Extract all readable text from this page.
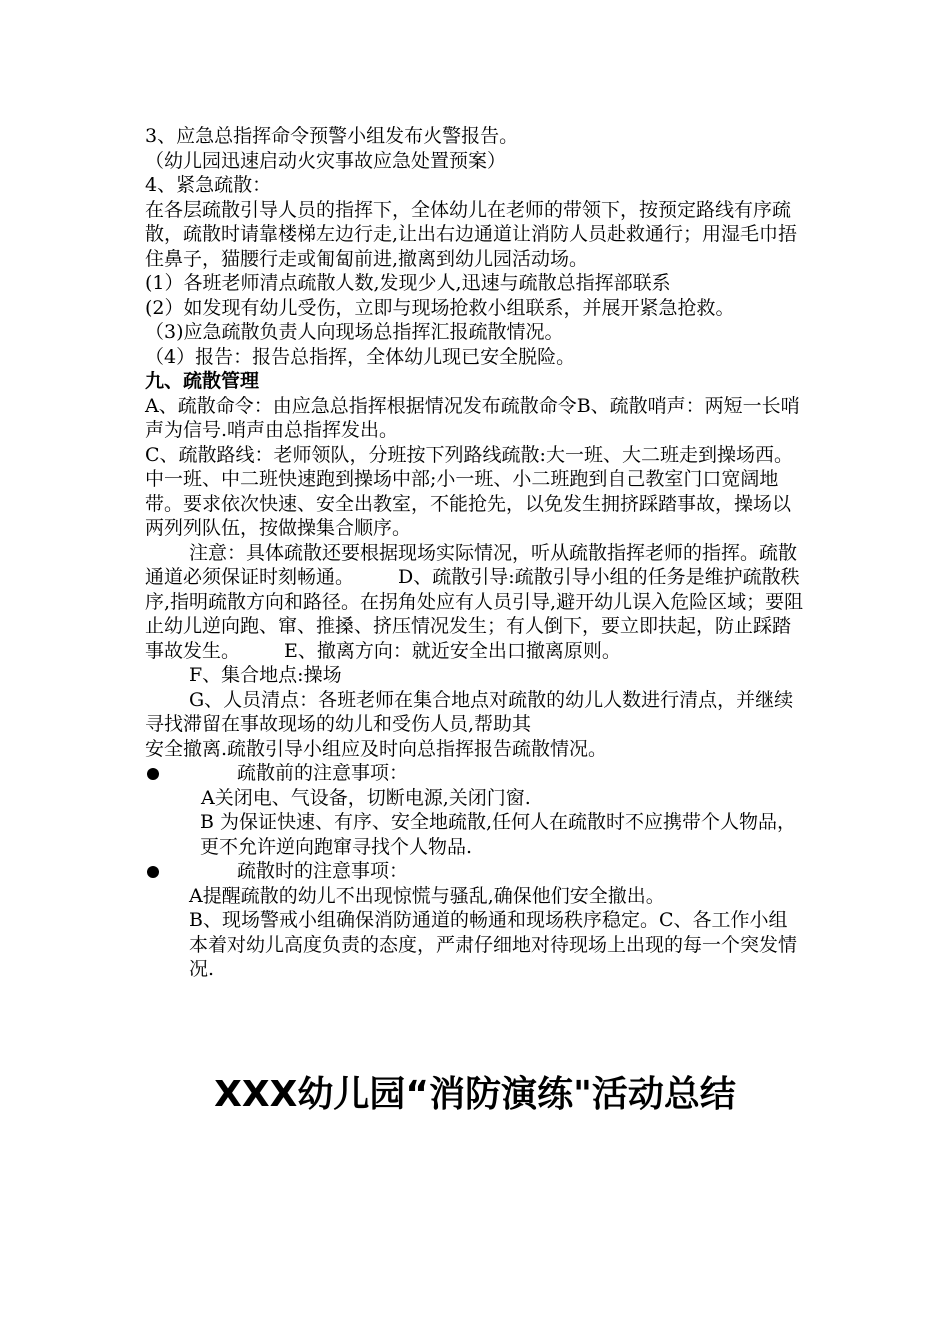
3、应急总指挥命令预警小组发布火警报告。

（幼儿园迅速启动火灾事故应急处置预案）

4、紧急疏散：

在各层疏散引导人员的指挥下，全体幼儿在老师的带领下，按预定路线有序疏散，疏散时请靠楼梯左边行走,让出右边通道让消防人员赴救通行；用湿毛巾捂住鼻子，猫腰行走或匍匐前进,撤离到幼儿园活动场。

(1）各班老师清点疏散人数,发现少人,迅速与疏散总指挥部联系

(2）如发现有幼儿受伤，立即与现场抢救小组联系，并展开紧急抢救。

（3)应急疏散负责人向现场总指挥汇报疏散情况。

（4）报告：报告总指挥，全体幼儿现已安全脱险。

九、疏散管理

A、疏散命令：由应急总指挥根据情况发布疏散命令B、疏散哨声：两短一长哨声为信号.哨声由总指挥发出。

C、疏散路线：老师领队，分班按下列路线疏散:大一班、大二班走到操场西。中一班、中二班快速跑到操场中部;小一班、小二班跑到自己教室门口宽阔地带。要求依次快速、安全出教室，不能抢先，以免发生拥挤踩踏事故，操场以两列列队伍，按做操集合顺序。

注意：具体疏散还要根据现场实际情况，听从疏散指挥老师的指挥。疏散通道必须保证时刻畅通。 　　D、疏散引导:疏散引导小组的任务是维护疏散秩序,指明疏散方向和路径。在拐角处应有人员引导,避开幼儿误入危险区域；要阻止幼儿逆向跑、窜、推搡、挤压情况发生；有人倒下，要立即扶起，防止踩踏事故发生。 　　E、撤离方向：就近安全出口撤离原则。

F、集合地点:操场

G、人员清点：各班老师在集合地点对疏散的幼儿人数进行清点，并继续寻找滞留在事故现场的幼儿和受伤人员,帮助其

安全撤离.疏散引导小组应及时向总指挥报告疏散情况。

疏散前的注意事项：

A关闭电、气设备，切断电源,关闭门窗.

B 为保证快速、有序、安全地疏散,任何人在疏散时不应携带个人物品，更不允许逆向跑窜寻找个人物品.

疏散时的注意事项：

A提醒疏散的幼儿不出现惊慌与骚乱,确保他们安全撤出。

B、现场警戒小组确保消防通道的畅通和现场秩序稳定。C、各工作小组本着对幼儿高度负责的态度，严肃仔细地对待现场上出现的每一个突发情况.

XXX幼儿园“消防演练"活动总结
